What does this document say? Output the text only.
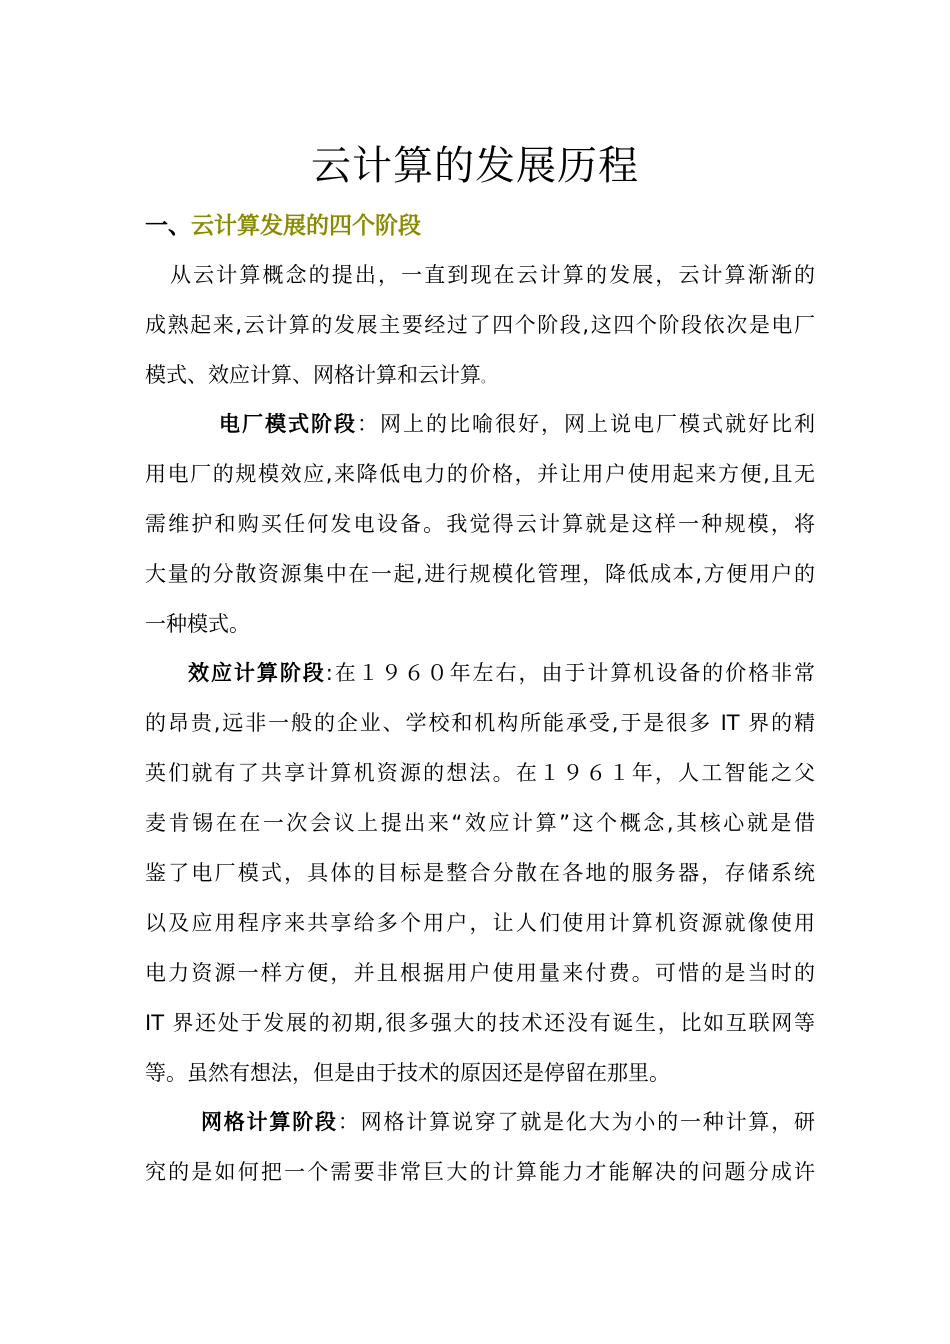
云计算的发展历程
一、云计算发展的四个阶段
从云计算概念的提出，一直到现在云计算的发展，云计算渐渐的
成熟起来,云计算的发展主要经过了四个阶段,这四个阶段依次是电厂
模式、效应计算、网格计算和云计算。
电厂模式阶段：网上的比喻很好，网上说电厂模式就好比利
用电厂的规模效应,来降低电力的价格，并让用户使用起来方便,且无
需维护和购买任何发电设备。我觉得云计算就是这样一种规模，将
大量的分散资源集中在一起,进行规模化管理，降低成本,方便用户的
一种模式。
效应计算阶段:在１９６０年左右，由于计算机设备的价格非常
的昂贵,远非一般的企业、学校和机构所能承受,于是很多 IT 界的精
英们就有了共享计算机资源的想法。在１９６１年，人工智能之父
麦肯锡在在一次会议上提出来“效应计算”这个概念,其核心就是借
鉴了电厂模式，具体的目标是整合分散在各地的服务器，存储系统
以及应用程序来共享给多个用户，让人们使用计算机资源就像使用
电力资源一样方便，并且根据用户使用量来付费。可惜的是当时的
IT 界还处于发展的初期,很多强大的技术还没有诞生，比如互联网等
等。虽然有想法，但是由于技术的原因还是停留在那里。
网格计算阶段：网格计算说穿了就是化大为小的一种计算，研
究的是如何把一个需要非常巨大的计算能力才能解决的问题分成许
